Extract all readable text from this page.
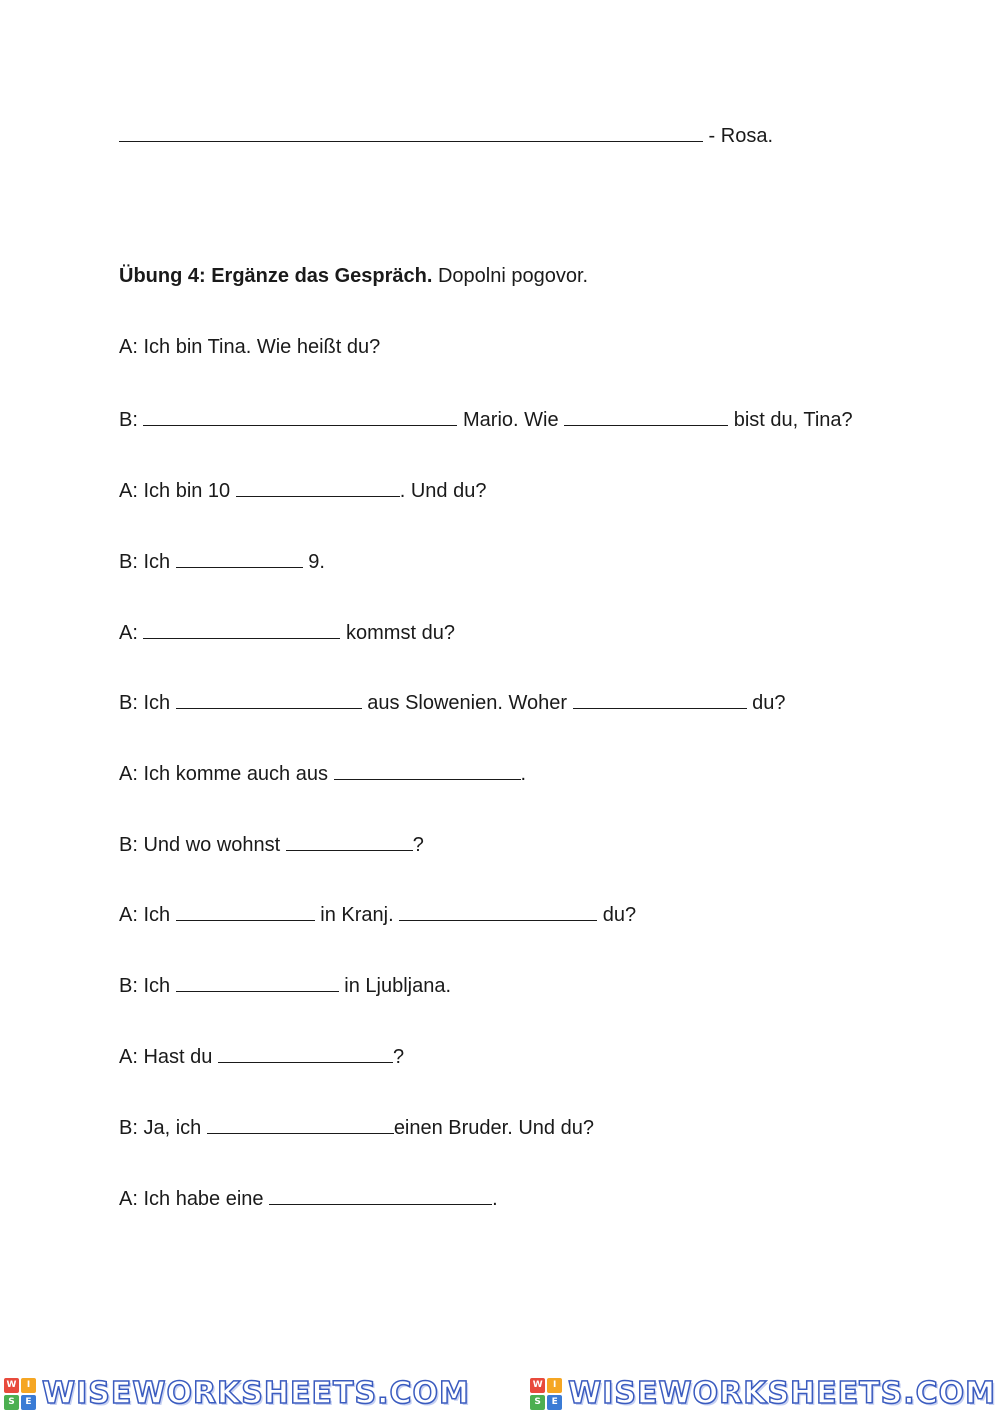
- Rosa.
Übung 4: Ergänze das Gespräch. Dopolni pogovor.
A: Ich bin Tina. Wie heißt du?
B:	Mario. Wie	bist du, Tina?
A: Ich bin 10	. Und du?
B: Ich	9.
A:	kommst du?
B: Ich	aus Slowenien. Woher	du?
A: Ich komme auch aus	.
B: Und wo wohnst	?
A: Ich	in Kranj.	du?
B: Ich	in Ljubljana.
A: Hast du	?
B: Ja, ich	einen Bruder. Und du?
A: Ich habe eine	.
W	I
S	E WISEWORKSHEETS.COM	W	I
S	E WISEWORKSHEETS.COM
